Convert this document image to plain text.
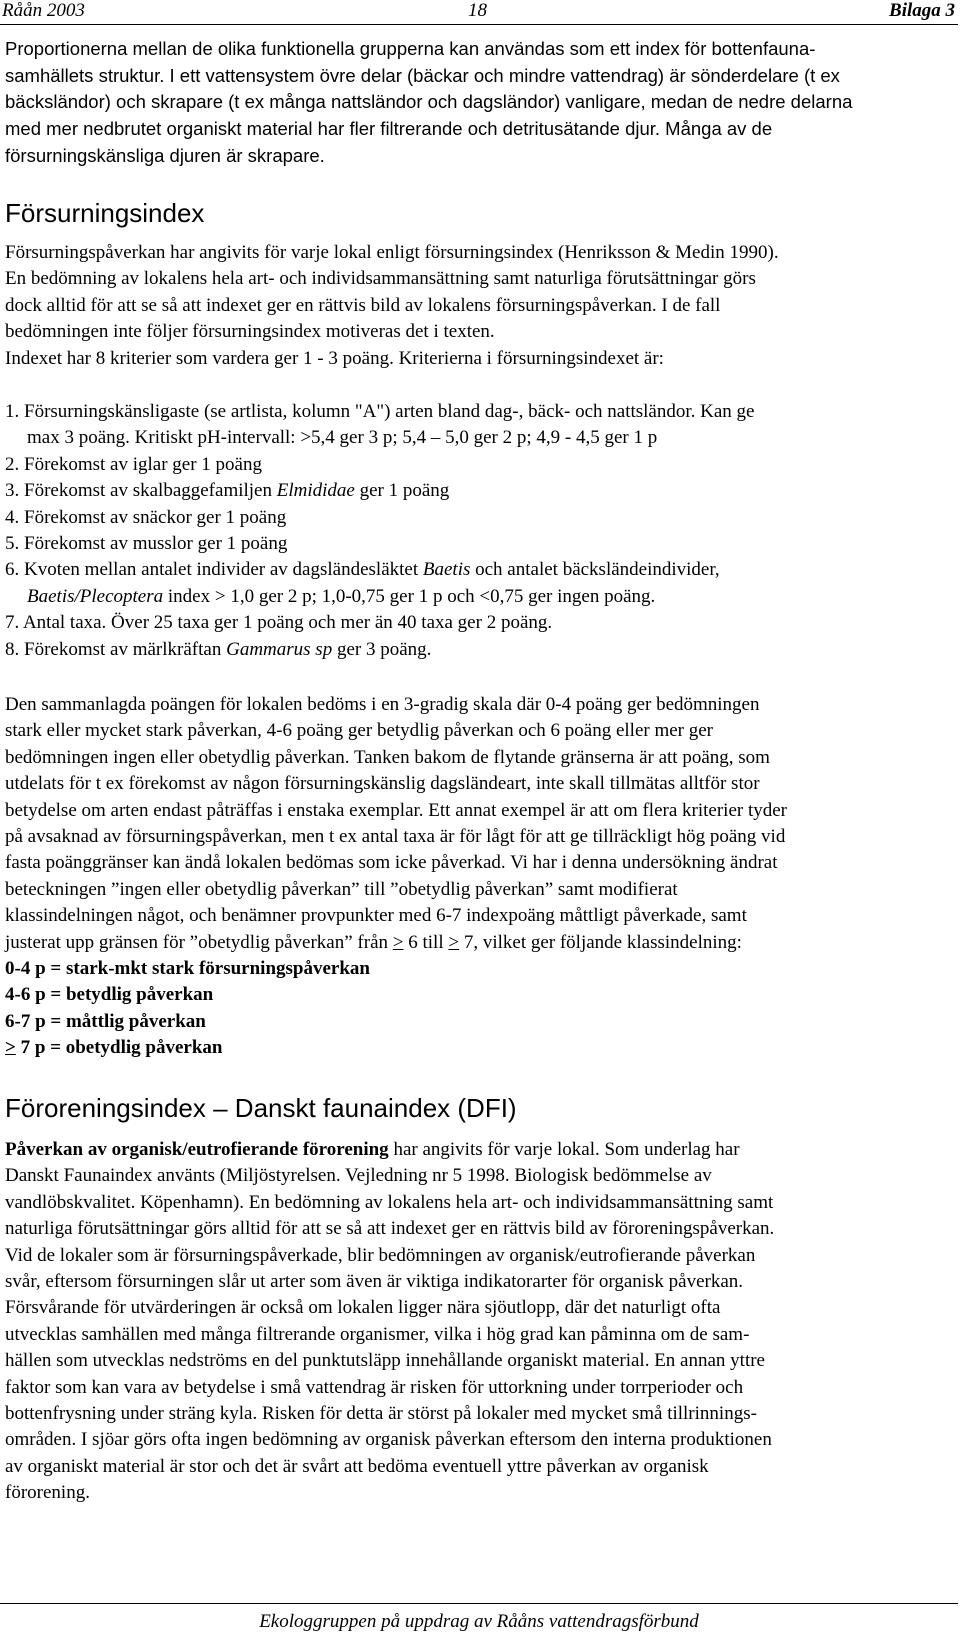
Råån 2003	18	Bilaga 3
Proportionerna mellan de olika funktionella grupperna kan användas som ett index för bottenfauna-
samhällets struktur. I ett vattensystem övre delar (bäckar och mindre vattendrag) är sönderdelare (t ex
bäcksländor) och skrapare (t ex många nattsländor och dagsländor) vanligare, medan de nedre delarna
med mer nedbrutet organiskt material har fler filtrerande och detritusätande djur. Många av de
försurningskänsliga djuren är skrapare.
Försurningsindex
Försurningspåverkan har angivits för varje lokal enligt försurningsindex (Henriksson & Medin 1990).
En bedömning av lokalens hela art- och individsammansättning samt naturliga förutsättningar görs
dock alltid för att se så att indexet ger en rättvis bild av lokalens försurningspåverkan. I de fall
bedömningen inte följer försurningsindex motiveras det i texten.
Indexet har 8 kriterier som vardera ger 1 - 3 poäng. Kriterierna i försurningsindexet är:
1. Försurningskänsligaste (se artlista, kolumn "A") arten bland dag-, bäck- och nattsländor. Kan ge
max 3 poäng. Kritiskt pH-intervall: >5,4 ger 3 p; 5,4 – 5,0 ger 2 p; 4,9 - 4,5 ger 1 p
2. Förekomst av iglar ger 1 poäng
3. Förekomst av skalbaggefamiljen Elmididae ger 1 poäng
4. Förekomst av snäckor ger 1 poäng
5. Förekomst av musslor ger 1 poäng
6. Kvoten mellan antalet individer av dagsländesläktet Baetis och antalet bäcksländeindivider,
Baetis/Plecoptera index > 1,0 ger 2 p; 1,0-0,75 ger 1 p och <0,75 ger ingen poäng.
7. Antal taxa. Över 25 taxa ger 1 poäng och mer än 40 taxa ger 2 poäng.
8. Förekomst av märlkräftan Gammarus sp ger 3 poäng.
Den sammanlagda poängen för lokalen bedöms i en 3-gradig skala där 0-4 poäng ger bedömningen
stark eller mycket stark påverkan, 4-6 poäng ger betydlig påverkan och 6 poäng eller mer ger
bedömningen ingen eller obetydlig påverkan. Tanken bakom de flytande gränserna är att poäng, som
utdelats för t ex förekomst av någon försurningskänslig dagsländeart, inte skall tillmätas alltför stor
betydelse om arten endast påträffas i enstaka exemplar. Ett annat exempel är att om flera kriterier tyder
på avsaknad av försurningspåverkan, men t ex antal taxa är för lågt för att ge tillräckligt hög poäng vid
fasta poänggränser kan ändå lokalen bedömas som icke påverkad. Vi har i denna undersökning ändrat
beteckningen ”ingen eller obetydlig påverkan” till ”obetydlig påverkan” samt modifierat
klassindelningen något, och benämner provpunkter med 6-7 indexpoäng måttligt påverkade, samt
justerat upp gränsen för ”obetydlig påverkan” från ≥ 6 till ≥ 7, vilket ger följande klassindelning:
0-4 p = stark-mkt stark försurningspåverkan
4-6 p = betydlig påverkan
6-7 p = måttlig påverkan
≥ 7 p = obetydlig påverkan
Föroreningsindex – Danskt faunaindex (DFI)
Påverkan av organisk/eutrofierande förorening har angivits för varje lokal. Som underlag har
Danskt Faunaindex använts (Miljöstyrelsen. Vejledning nr 5 1998. Biologisk bedömmelse av
vandlöbskvalitet. Köpenhamn). En bedömning av lokalens hela art- och individsammansättning samt
naturliga förutsättningar görs alltid för att se så att indexet ger en rättvis bild av föroreningspåverkan.
Vid de lokaler som är försurningspåverkade, blir bedömningen av organisk/eutrofierande påverkan
svår, eftersom försurningen slår ut arter som även är viktiga indikatorarter för organisk påverkan.
Försvårande för utvärderingen är också om lokalen ligger nära sjöutlopp, där det naturligt ofta
utvecklas samhällen med många filtrerande organismer, vilka i hög grad kan påminna om de sam-
hällen som utvecklas nedströms en del punktutsläpp innehållande organiskt material. En annan yttre
faktor som kan vara av betydelse i små vattendrag är risken för uttorkning under torrperioder och
bottenfrysning under sträng kyla. Risken för detta är störst på lokaler med mycket små tillrinnings-
områden. I sjöar görs ofta ingen bedömning av organisk påverkan eftersom den interna produktionen
av organiskt material är stor och det är svårt att bedöma eventuell yttre påverkan av organisk
förorening.
Ekologgruppen på uppdrag av Rååns vattendragsförbund
